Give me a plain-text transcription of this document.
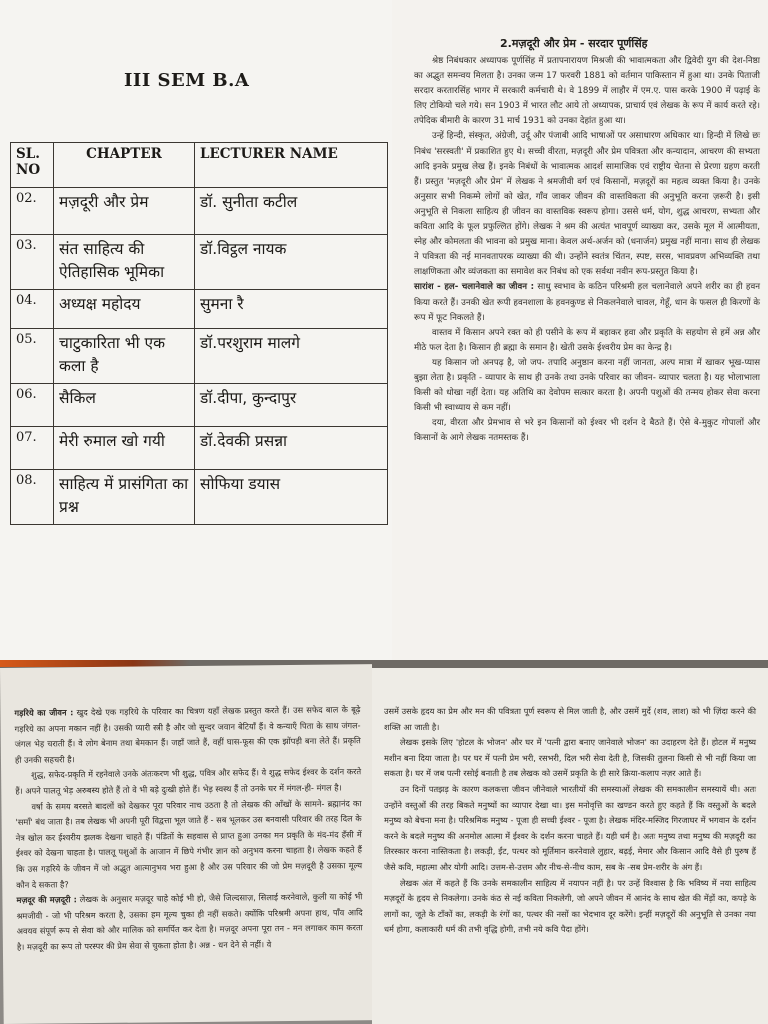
III SEM B.A
SL. NO	CHAPTER	LECTURER NAME
02.	मज़दूरी और प्रेम	डॉ. सुनीता कटील
03.	संत साहित्य की ऐतिहासिक भूमिका	डॉ.विट्ठल नायक
04.	अध्यक्ष महोदय	सुमना रै
05.	चाटुकारिता भी एक कला है	डॉ.परशुराम मालगे
06.	सैकिल	डॉ.दीपा, कुन्दापुर
07.	मेरी रुमाल खो गयी	डॉ.देवकी प्रसन्ना
08.	साहित्य में प्रासंगिता का प्रश्न	सोफिया डयास
2.मज़दूरी और प्रेम - सरदार पूर्णसिंह

श्रेष्ठ निबंधकार अध्यापक पूर्णसिंह में प्रतापनारायण मिश्रजी की भावात्मकता और द्विवेदी युग की देश-निष्ठा का अद्भुत समन्वय मिलता है। उनका जन्म 17 फरवरी 1881 को वर्तमान पाकिस्तान में हुआ था। उनके पिताजी सरदार करतारसिंह भागर में सरकारी कर्मचारी थे। वे 1899 में लाहौर में एम.ए. पास करके 1900 में पढ़ाई के लिए टोकियो चले गये। सन 1903 में भारत लौट आये तो अध्यापक, प्राचार्य एवं लेखक के रूप में कार्य करते रहे। तपेदिक बीमारी के कारण 31 मार्च 1931 को उनका देहांत हुआ था।

उन्हें हिन्दी, संस्कृत, अंग्रेजी, उर्दू और पंजाबी आदि भाषाओं पर असाधारण अधिकार था। हिन्दी में लिखे छः निबंध 'सरस्वती' में प्रकाशित हुए थे। सच्ची वीरता, मज़दूरी और प्रेम पवित्रता और कन्यादान, आचरण की सभ्यता आदि इनके प्रमुख लेख हैं। इनके निबंधों के भावात्मक आदर्श सामाजिक एवं राष्ट्रीय चेतना से प्रेरणा ग्रहण करती हैं। प्रस्तुत 'मज़दूरी और प्रेम' में लेखक ने श्रमजीवी वर्ग एवं किसानों, मज़दूरों का महत्व व्यक्त किया है। उनके अनुसार सभी निकम्मे लोगों को खेत, गाँव जाकर जीवन की वास्तविकता की अनुभूति करना ज़रूरी है। इसी अनुभूति से निकला साहित्य ही जीवन का वास्तविक स्वरूप होगा। उससे धर्म, योग, शुद्ध आचरण, सभ्यता और कविता आदि के फूल प्रफुल्लित होंगे। लेखक ने श्रम की अत्यंत भावपूर्ण व्याख्या कर, उसके मूल में आत्मीयता, स्नेह और कोमलता की भावना को प्रमुख माना। केवल अर्थ-अर्जन को (धनार्जन) प्रमुख नहीं माना। साथ ही लेखक ने पवित्रता की नई मानवतापरक व्याख्या की थी। उन्होंने स्वतंत्र चिंतन, स्पष्ट, सरस, भावप्रवण अभिव्यक्ति तथा लाक्षणिकता और व्यंजकता का समावेश कर निबंध को एक सर्वथा नवीन रूप-प्रस्तुत किया है।

सारांश - हल- चलानेवाले का जीवन : साधु स्वभाव के कठिन परिश्रमी हल चलानेवाले अपने शरीर का ही हवन किया करते हैं। उनकी खेत रूपी हवनशाला के हवनकुण्ड से निकलनेवाले चावल, गेहूँ, धान के फसल ही किरणों के रूप में फूट निकलते हैं।

वास्तव में किसान अपने रक्त को ही पसीने के रूप में बहाकर हवा और प्रकृति के सहयोग से हमें अन्न और मीठे फल देता है। किसान ही ब्रह्मा के समान है। खेती उसके ईश्वरीय प्रेम का केन्द्र है।

यह किसान जो अनपढ़ है, जो जप- तपादि अनुष्ठान करना नहीं जानता, अल्प मात्रा में खाकर भूख-प्यास बुझा लेता है। प्रकृति - व्यापार के साथ ही उनके तथा उनके परिवार का जीवन- व्यापार चलता है। यह भोलाभाला किसी को धोखा नहीं देता। यह अतिथि का देवोपम सत्कार करता है। अपनी पशुओं की तन्मय होकर सेवा करना किसी भी स्वाध्याय से कम नहीं।

दया, वीरता और प्रेमभाव से भरे इन किसानों को ईश्वर भी दर्शन दे बैठते हैं। ऐसे बे-मुकुट गोपालों और किसानों के आगे लेखक नतमस्तक हैं।

गड़रिये का जीवन : खुद देखे एक गड़रिये के परिवार का चित्रण यहाँ लेखक प्रस्तुत करते हैं। उस सफेद बाल के बूढ़े गड़रिये का अपना मकान नहीं है। उसकी प्यारी स्त्री है और जो सुन्दर जवान बेटियाँ हैं। वे कन्याएँ पिता के साथ जंगल- जंगल भेड़ चराती हैं। वे लोग बेनाम तथा बेमकान हैं। जहाँ जाते हैं, वहीं घास-फूस की एक झोंपड़ी बना लेते हैं। प्रकृति ही उनकी सहचरी है।

शुद्ध, सफेद-प्रकृति में रहनेवाले उनके अंतःकरण भी शुद्ध, पवित्र और सफेद हैं। वे शुद्ध सफेद ईश्वर के दर्शन करते हैं। अपने पालतू भेड़ अरुबस्य होते हैं तो वे भी बड़े दुःखी होते हैं। भेड़ स्वस्थ हैं तो उनके घर में मंगल-ही- मंगल है।

वर्षा के समय बरसते बादलों को देखकर पूरा परिवार नाच उठता है तो लेखक की आँखों के सामने- ब्रह्मानंद का 'समाँ' बंध जाता है। तब लेखक भी अपनी पूरी विद्वत्ता भूल जाते हैं - सब भूलकर उस बनवासी परिवार की तरह दिल के नेत्र खोल कर ईश्वरीय झलक देखना चाहते हैं। पंडितों के सहवास से प्राप्त हुआ उनका मन प्रकृति के मंद-मंद हँसी में ईश्वर को देखना चाहता है। पालतू पशुओं के आजान में छिपे गंभीर ज्ञान को अनुभव करना चाहता है। लेखक कहते हैं कि उस गड़रिये के जीवन में जो अद्भुत आत्मानुभव भरा हुआ है और उस परिवार की जो प्रेम मज़दूरी है उसका मूल्य कौन दे सकता है?

मज़दूर की मज़दूरी : लेखक के अनुसार मज़दूर चाहे कोई भी हो, जैसे जिल्दसाज़, सिलाई करनेवाले, कुली या कोई भी श्रमजीवी - जो भी परिश्रम करता है, उसका हम मूल्य चुका ही नहीं सकते। क्योंकि परिश्रमी अपना हाथ, पाँव आदि अवयव संपूर्ण रूप से सेवा को और मालिक को समर्पित कर देता है। मज़दूर अपना पूरा तन - मन लगाकर काम करता है। मज़दूरी का रूप तो परस्पर की प्रेम सेवा से चुकता होता है। अन्न - धन देने से नहीं। वे

उसमें उसके हृदय का प्रेम और मन की पवित्रता पूर्ण स्वरूप से मिल जाती है, और उसमें मुर्दे (शव, लाश) को भी ज़िंदा करने की शक्ति आ जाती है।

लेखक इसके लिए 'होटल के भोजन' और घर में 'पत्नी द्वारा बनाए जानेवाले भोजन' का उदाहरण देते हैं। होटल में मनुष्य मशीन बना दिया जाता है। पर घर में पत्नी प्रेम भरी, रसभरी, दिल भरी सेवा देती है, जिसकी तुलना किसी से भी नहीं किया जा सकता है। घर में जब पत्नी रसोई बनाती है तब लेखक को उसमें प्रकृति के ही सारे क्रिया-कलाप नज़र आते हैं।

उन दिनों पतझड़ के कारण कलकत्ता जीवन जीनेवाले भारतीयों की समस्याओं लेखक की समकालीन समस्यायें थी। अतः उन्होंने वस्तुओं की तरह बिकते मनुष्यों का व्यापार देखा था। इस मनोवृत्ति का खण्डन करते हुए कहते हैं कि वस्तुओं के बदले मनुष्य को बेचना मना है। परिश्रमिक मनुष्य - पूजा ही सच्ची ईश्वर - पूजा है। लेखक मंदिर-मस्जिद गिरजाघर में भगवान के दर्शन करने के बदले मनुष्य की अनमोल आत्मा में ईश्वर के दर्शन करना चाहते हैं। यही धर्म है। अतः मनुष्य तथा मनुष्य की मज़दूरी का तिरस्कार करना नास्तिकता है। लकड़ी, ईंट, पत्थर को मूर्तिमान करनेवाले लुहार, बढ़ई, मेमार और किसान आदि वैसे ही पुरुष हैं जैसे कवि, महात्मा और योगी आदि। उत्तम-से-उत्तम और नीच-से-नीच काम, सब के -सब प्रेम-शरीर के अंग हैं।

लेखक अंत में कहते हैं कि उनके समकालीन साहित्य में नयापन नहीं है। पर उन्हें विश्वास है कि भविष्य में नया साहित्य मज़दूरों के हृदय से निकलेगा। उनके कंठ से नई कविता निकलेगी, जो अपने जीवन में आनंद के साथ खेत की मेंड़ों का, कपड़े के लागों का, जूते के टाँकों का, लकड़ी के रंगों का, पत्थर की नसों का भेदभाव दूर करेंगे। इन्हीं मज़दूरों की अनुभूति से उनका नया धर्म होगा, कलाकारी धर्म की तभी वृद्धि होगी, तभी नये कवि पैदा होंगे।
